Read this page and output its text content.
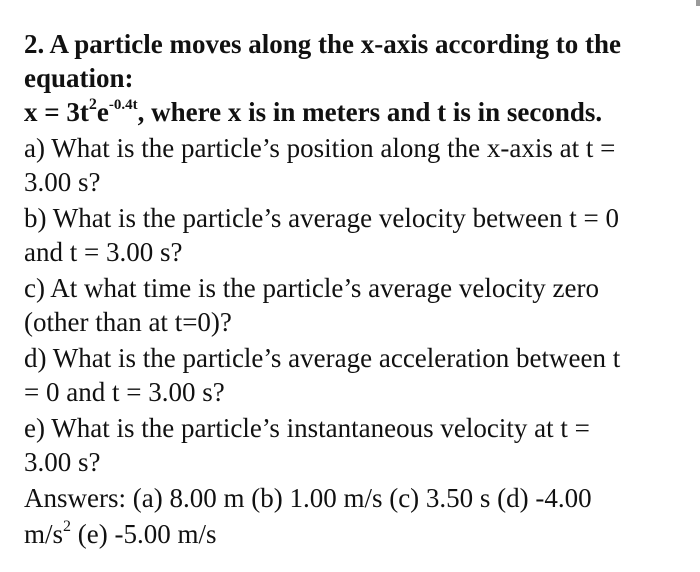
2. A particle moves along the x-axis according to the
equation:
$x = 3t^2e^{-0.4t}$, where x is in meters and t is in seconds.
a) What is the particle’s position along the x-axis at t =
3.00 s?
b) What is the particle’s average velocity between t = 0
and t = 3.00 s?
c) At what time is the particle’s average velocity zero
(other than at t=0)?
d) What is the particle’s average acceleration between t
= 0 and t = 3.00 s?
e) What is the particle’s instantaneous velocity at t =
3.00 s?
Answers: (a) 8.00 m (b) 1.00 m/s (c) 3.50 s (d) -4.00
$m/s^2$ (e) -5.00 m/s
